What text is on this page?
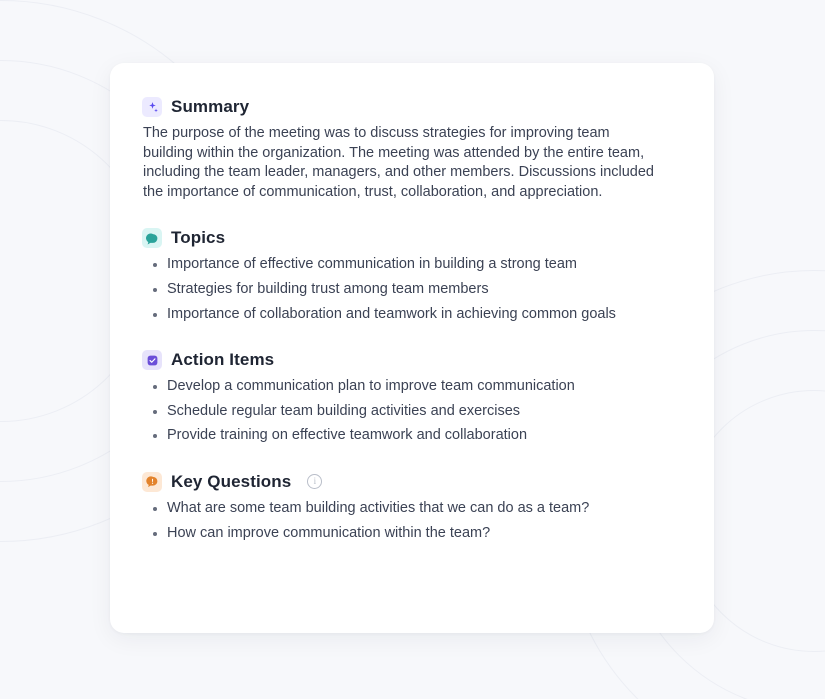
Summary

The purpose of the meeting was to discuss strategies for improving team building within the organization. The meeting was attended by the entire team, including the team leader, managers, and other members. Discussions included the importance of communication, trust, collaboration, and appreciation.

Topics
Importance of effective communication in building a strong team
Strategies for building trust among team members
Importance of collaboration and teamwork in achieving common goals
Action Items
Develop a communication plan to improve team communication
Schedule regular team building activities and exercises
Provide training on effective teamwork and collaboration
Key Questions	i
What are some team building activities that we can do as a team?
How can improve communication within the team?
